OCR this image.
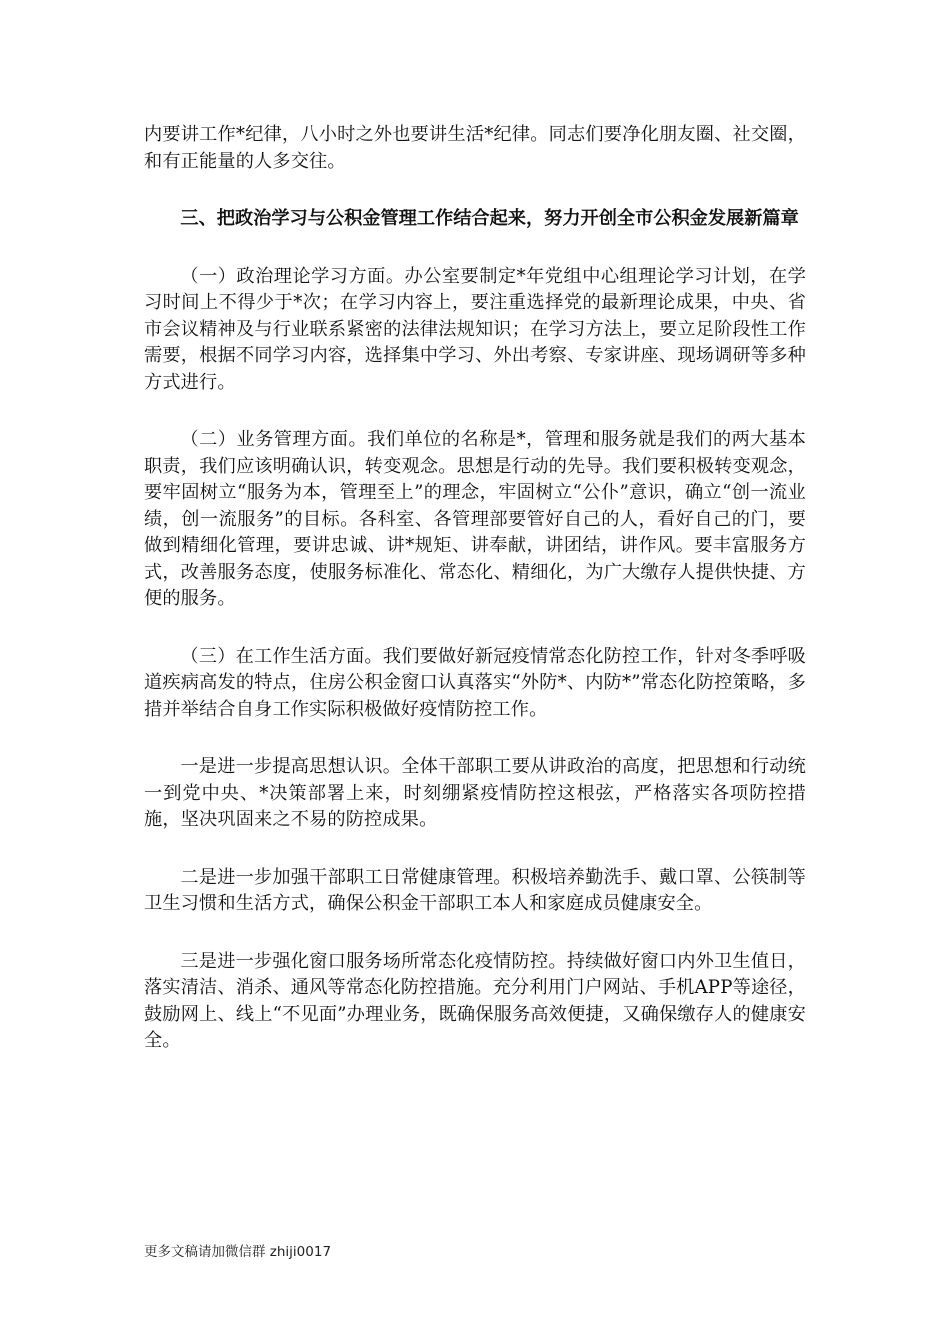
内要讲工作*纪律，八小时之外也要讲生活*纪律。同志们要净化朋友圈、社交圈，和有正能量的人多交往。

三、把政治学习与公积金管理工作结合起来，努力开创全市公积金发展新篇章

（一）政治理论学习方面。办公室要制定*年党组中心组理论学习计划，在学习时间上不得少于*次；在学习内容上，要注重选择党的最新理论成果，中央、省市会议精神及与行业联系紧密的法律法规知识；在学习方法上，要立足阶段性工作需要，根据不同学习内容，选择集中学习、外出考察、专家讲座、现场调研等多种方式进行。

（二）业务管理方面。我们单位的名称是*，管理和服务就是我们的两大基本职责，我们应该明确认识，转变观念。思想是行动的先导。我们要积极转变观念，要牢固树立“服务为本，管理至上”的理念，牢固树立“公仆”意识，确立“创一流业绩，创一流服务”的目标。各科室、各管理部要管好自己的人，看好自己的门，要做到精细化管理，要讲忠诚、讲*规矩、讲奉献，讲团结，讲作风。要丰富服务方式，改善服务态度，使服务标准化、常态化、精细化，为广大缴存人提供快捷、方便的服务。

（三）在工作生活方面。我们要做好新冠疫情常态化防控工作，针对冬季呼吸道疾病高发的特点，住房公积金窗口认真落实“外防*、内防*”常态化防控策略，多措并举结合自身工作实际积极做好疫情防控工作。

一是进一步提高思想认识。全体干部职工要从讲政治的高度，把思想和行动统一到党中央、*决策部署上来，时刻绷紧疫情防控这根弦，严格落实各项防控措施，坚决巩固来之不易的防控成果。

二是进一步加强干部职工日常健康管理。积极培养勤洗手、戴口罩、公筷制等卫生习惯和生活方式，确保公积金干部职工本人和家庭成员健康安全。

三是进一步强化窗口服务场所常态化疫情防控。持续做好窗口内外卫生值日，落实清洁、消杀、通风等常态化防控措施。充分利用门户网站、手机APP等途径，鼓励网上、线上“不见面”办理业务，既确保服务高效便捷，又确保缴存人的健康安全。

更多文稿请加微信群 zhiji0017
